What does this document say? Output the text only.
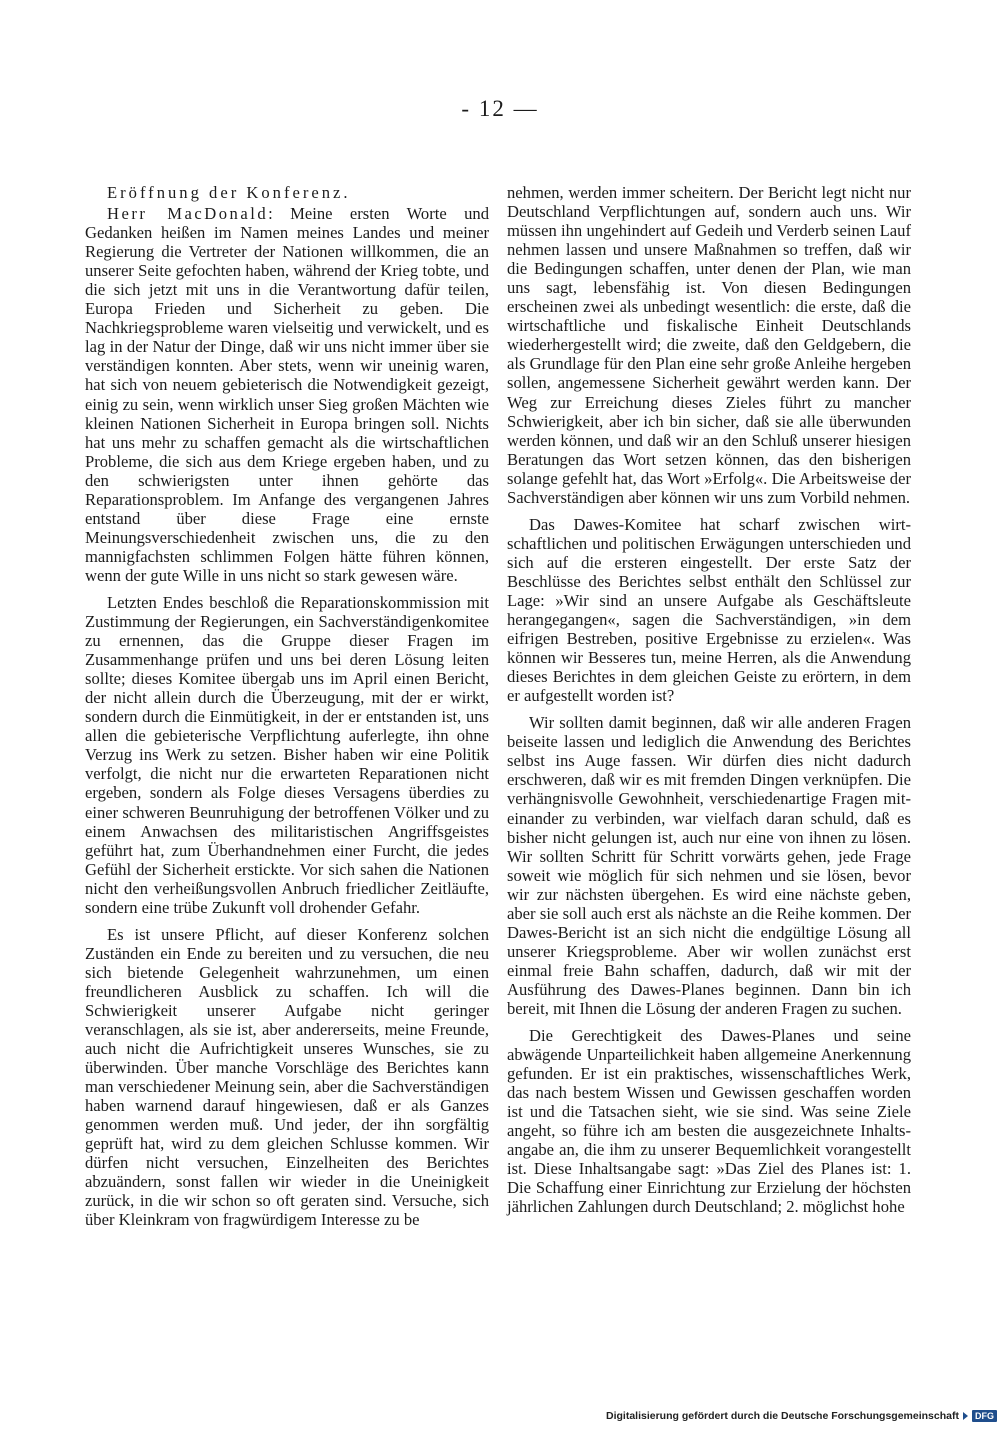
- 12 —
Eröffnung der Konferenz.

Herr MacDonald: Meine ersten Worte und Gedanken heißen im Namen meines Landes und meiner Regierung die Vertreter der Nationen willkommen, die an unserer Seite gefochten haben, während der Krieg tobte, und die sich jetzt mit uns in die Verantwortung dafür teilen, Europa Frieden und Sicherheit zu geben. Die Nachkriegsprobleme waren vielseitig und verwickelt, und es lag in der Natur der Dinge, daß wir uns nicht immer über sie verständigen konnten. Aber stets, wenn wir uneinig waren, hat sich von neuem gebieterisch die Notwendigkeit gezeigt, einig zu sein, wenn wirklich unser Sieg großen Mächten wie kleinen Nationen Sicherheit in Europa bringen soll. Nichts hat uns mehr zu schaffen gemacht als die wirtschaftlichen Probleme, die sich aus dem Kriege ergeben haben, und zu den schwierigsten unter ihnen gehörte das Reparationsproblem. Im Anfange des vergangenen Jahres entstand über diese Frage eine ernste Meinungsverschiedenheit zwischen uns, die zu den mannigfachsten schlimmen Folgen hätte führen können, wenn der gute Wille in uns nicht so stark gewesen wäre.

Letzten Endes beschloß die Reparationskommission mit Zustimmung der Regierungen, ein Sachverständigenkomitee zu ernennen, das die Gruppe dieser Fragen im Zusammenhange prüfen und uns bei deren Lösung leiten sollte; dieses Komitee übergab uns im April einen Bericht, der nicht allein durch die Überzeugung, mit der er wirkt, sondern durch die Einmütigkeit, in der er entstanden ist, uns allen die gebieterische Verpflichtung auferlegte, ihn ohne Verzug ins Werk zu setzen. Bisher haben wir eine Politik verfolgt, die nicht nur die erwarteten Reparationen nicht ergeben, sondern als Folge dieses Versagens überdies zu einer schweren Beunruhigung der betroffenen Völker und zu einem Anwachsen des militaristischen Angriffsgeistes geführt hat, zum Überhandnehmen einer Furcht, die jedes Gefühl der Sicherheit erstickte. Vor sich sahen die Nationen nicht den verheißungsvollen Anbruch friedlicher Zeitläufte, sondern eine trübe Zukunft voll drohender Gefahr.

Es ist unsere Pflicht, auf dieser Konferenz solchen Zuständen ein Ende zu bereiten und zu versuchen, die neu sich bietende Gelegenheit wahrzunehmen, um einen freundlicheren Ausblick zu schaffen. Ich will die Schwierigkeit unserer Aufgabe nicht geringer veranschlagen, als sie ist, aber andererseits, meine Freunde, auch nicht die Aufrichtigkeit unseres Wunsches, sie zu überwinden. Über manche Vorschläge des Berichtes kann man verschiedener Meinung sein, aber die Sachverständigen haben warnend darauf hingewiesen, daß er als Ganzes genommen werden muß. Und jeder, der ihn sorgfältig geprüft hat, wird zu dem gleichen Schlusse kommen. Wir dürfen nicht versuchen, Einzelheiten des Berichtes abzuändern, sonst fallen wir wieder in die Uneinigkeit zurück, in die wir schon so oft geraten sind. Versuche, sich über Kleinkram von fragwürdigem Interesse zu be

nehmen, werden immer scheitern. Der Bericht legt nicht nur Deutschland Verpflichtungen auf, sondern auch uns. Wir müssen ihn ungehindert auf Gedeih und Verderb seinen Lauf nehmen lassen und unsere Maßnahmen so treffen, daß wir die Bedingungen schaffen, unter denen der Plan, wie man uns sagt, lebensfähig ist. Von diesen Bedingungen erscheinen zwei als unbedingt wesentlich: die erste, daß die wirtschaftliche und fiskalische Einheit Deutschlands wiederhergestellt wird; die zweite, daß den Geldgebern, die als Grundlage für den Plan eine sehr große Anleihe hergeben sollen, angemessene Sicherheit gewährt werden kann. Der Weg zur Erreichung dieses Zieles führt zu mancher Schwierigkeit, aber ich bin sicher, daß sie alle überwunden werden können, und daß wir an den Schluß unserer hiesigen Beratungen das Wort setzen können, das den bisherigen solange gefehlt hat, das Wort »Erfolg«. Die Arbeitsweise der Sachverständigen aber können wir uns zum Vorbild nehmen.

Das Dawes-Komitee hat scharf zwischen wirtschaftlichen und politischen Erwägungen unterschieden und sich auf die ersteren eingestellt. Der erste Satz der Beschlüsse des Berichtes selbst enthält den Schlüssel zur Lage: »Wir sind an unsere Aufgabe als Geschäftsleute herangegangen«, sagen die Sachverständigen, »in dem eifrigen Bestreben, positive Ergebnisse zu erzielen«. Was können wir Besseres tun, meine Herren, als die Anwendung dieses Berichtes in dem gleichen Geiste zu erörtern, in dem er aufgestellt worden ist?

Wir sollten damit beginnen, daß wir alle anderen Fragen beiseite lassen und lediglich die Anwendung des Berichtes selbst ins Auge fassen. Wir dürfen dies nicht dadurch erschweren, daß wir es mit fremden Dingen verknüpfen. Die verhängnisvolle Gewohnheit, verschiedenartige Fragen miteinander zu verbinden, war vielfach daran schuld, daß es bisher nicht gelungen ist, auch nur eine von ihnen zu lösen. Wir sollten Schritt für Schritt vorwärts gehen, jede Frage soweit wie möglich für sich nehmen und sie lösen, bevor wir zur nächsten übergehen. Es wird eine nächste geben, aber sie soll auch erst als nächste an die Reihe kommen. Der Dawes-Bericht ist an sich nicht die endgültige Lösung all unserer Kriegsprobleme. Aber wir wollen zunächst erst einmal freie Bahn schaffen, dadurch, daß wir mit der Ausführung des Dawes-Planes beginnen. Dann bin ich bereit, mit Ihnen die Lösung der anderen Fragen zu suchen.

Die Gerechtigkeit des Dawes-Planes und seine abwägende Unparteilichkeit haben allgemeine Anerkennung gefunden. Er ist ein praktisches, wissenschaftliches Werk, das nach bestem Wissen und Gewissen geschaffen worden ist und die Tatsachen sieht, wie sie sind. Was seine Ziele angeht, so führe ich am besten die ausgezeichnete Inhaltsangabe an, die ihm zu unserer Bequemlichkeit vorangestellt ist. Diese Inhaltsangabe sagt: »Das Ziel des Planes ist: 1. Die Schaffung einer Einrichtung zur Erzielung der höchsten jährlichen Zahlungen durch Deutschland; 2. möglichst hohe

Digitalisierung gefördert durch die Deutsche Forschungsgemeinschaft	DFG
